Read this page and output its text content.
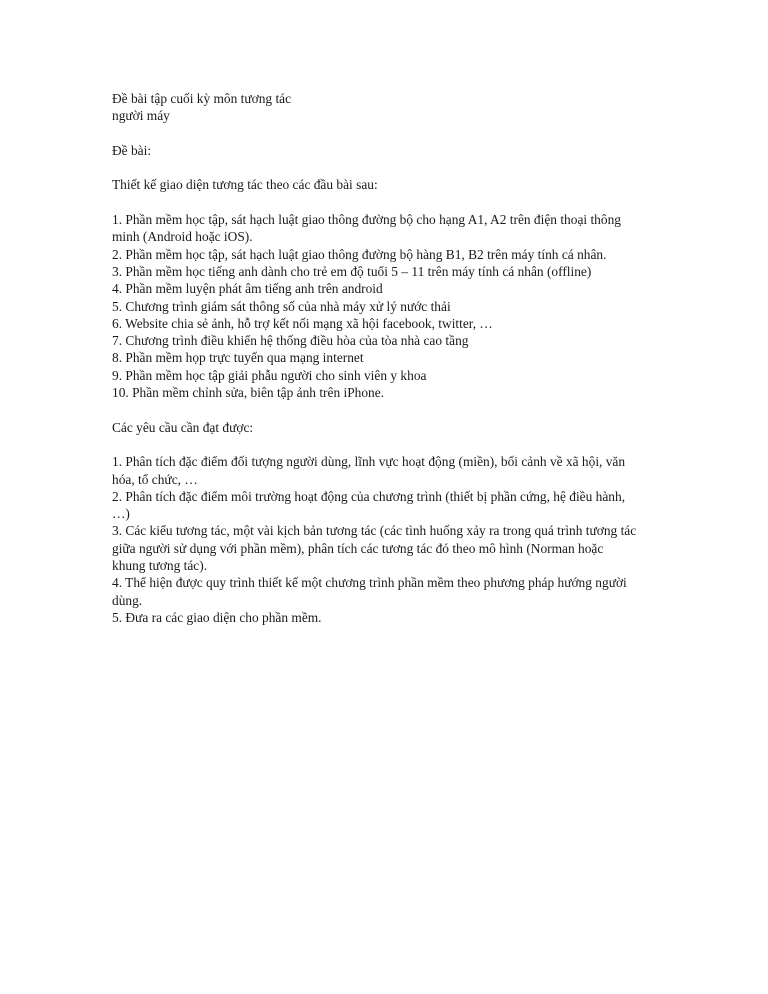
Đề bài tập cuối kỳ môn tương tác

người máy

Đề bài:

Thiết kế giao diện tương tác theo các đầu bài sau:

1. Phần mềm học tập, sát hạch luật giao thông đường bộ cho hạng A1, A2 trên điện thoại thông minh (Android hoặc iOS).

2. Phần mềm học tập, sát hạch luật giao thông đường bộ hàng B1, B2 trên máy tính cá nhân.

3. Phần mềm học tiếng anh dành cho trẻ em độ tuổi 5 – 11 trên máy tính cá nhân (offline)

4. Phần mềm luyện phát âm tiếng anh trên android

5. Chương trình giám sát thông số của nhà máy xử lý nước thải

6. Website chia sẻ ảnh, hỗ trợ kết nối mạng xã hội facebook, twitter, …

7. Chương trình điều khiển hệ thống điều hòa của tòa nhà cao tầng

8. Phần mềm họp trực tuyến qua mạng internet

9. Phần mềm học tập giải phẫu người cho sinh viên y khoa

10. Phần mềm chỉnh sửa, biên tập ảnh trên iPhone.

Các yêu cầu cần đạt được:

1. Phân tích đặc điểm đối tượng người dùng, lĩnh vực hoạt động (miền), bối cảnh về xã hội, văn hóa, tổ chức, …

2. Phân tích đặc điểm môi trường hoạt động của chương trình (thiết bị phần cứng, hệ điều hành, …)

3. Các kiểu tương tác, một vài kịch bản tương tác (các tình huống xảy ra trong quá trình tương tác giữa người sử dụng với phần mềm), phân tích các tương tác đó theo mô hình (Norman hoặc khung tương tác).

4. Thể hiện được quy trình thiết kế một chương trình phần mềm theo phương pháp hướng người dùng.

5. Đưa ra các giao diện cho phần mềm.
